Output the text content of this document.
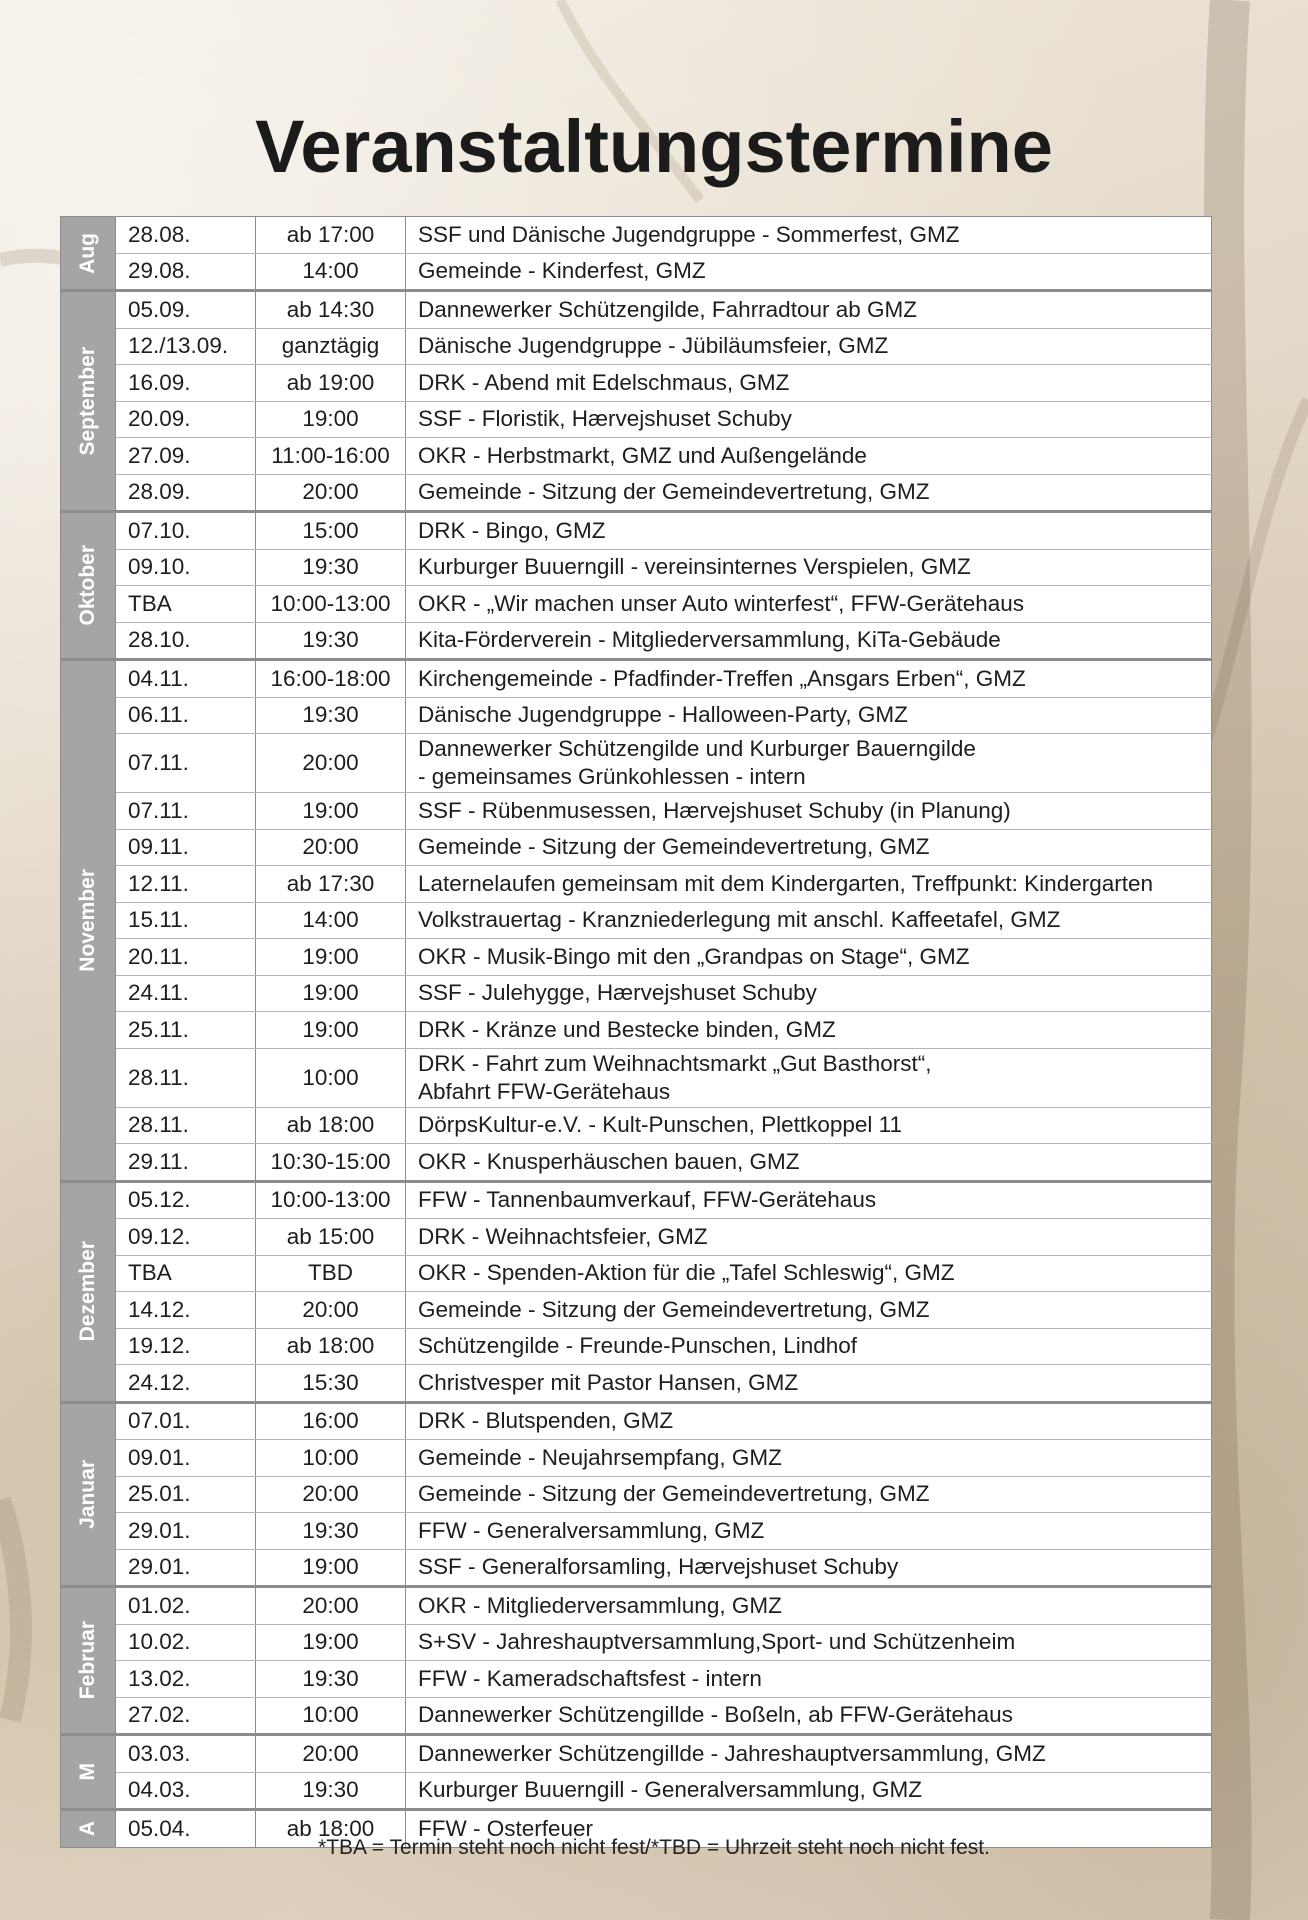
Veranstaltungstermine
Aug	28.08.	ab 17:00	SSF und Dänische Jugendgruppe - Sommerfest, GMZ
29.08.	14:00	Gemeinde - Kinderfest, GMZ
September
05.09.	ab 14:30	Dannewerker Schützengilde, Fahrradtour ab GMZ
12./13.09.	ganztägig	Dänische Jugendgruppe - Jübiläumsfeier, GMZ
16.09.	ab 19:00	DRK - Abend mit Edelschmaus, GMZ
20.09.	19:00	SSF - Floristik, Hærvejshuset Schuby
27.09.	11:00-16:00	OKR - Herbstmarkt, GMZ und Außengelände
28.09.	20:00	Gemeinde - Sitzung der Gemeindevertretung, GMZ
Oktober
07.10.	15:00	DRK - Bingo, GMZ
09.10.	19:30	Kurburger Buuerngill - vereinsinternes Verspielen, GMZ
TBA	10:00-13:00	OKR - „Wir machen unser Auto winterfest“, FFW-Gerätehaus
28.10.	19:30	Kita-Förderverein - Mitgliederversammlung, KiTa-Gebäude
November
04.11.	16:00-18:00	Kirchengemeinde - Pfadfinder-Treffen „Ansgars Erben“, GMZ
06.11.	19:30	Dänische Jugendgruppe - Halloween-Party, GMZ
07.11.	20:00
Dannewerker Schützengilde und Kurburger Bauerngilde
- gemeinsames Grünkohlessen - intern
07.11.	19:00	SSF - Rübenmusessen, Hærvejshuset Schuby (in Planung)
09.11.	20:00	Gemeinde - Sitzung der Gemeindevertretung, GMZ
12.11.	ab 17:30	Laternelaufen gemeinsam mit dem Kindergarten, Treffpunkt: Kindergarten
15.11.	14:00	Volkstrauertag - Kranzniederlegung mit anschl. Kaffeetafel, GMZ
20.11.	19:00	OKR - Musik-Bingo mit den „Grandpas on Stage“, GMZ
24.11.	19:00	SSF - Julehygge, Hærvejshuset Schuby
25.11.	19:00	DRK - Kränze und Bestecke binden, GMZ
28.11.	10:00
DRK - Fahrt zum Weihnachtsmarkt „Gut Basthorst“,
Abfahrt FFW-Gerätehaus
28.11.	ab 18:00	DörpsKultur-e.V. - Kult-Punschen, Plettkoppel 11
29.11.	10:30-15:00	OKR - Knusperhäuschen bauen, GMZ
Dezember
05.12.	10:00-13:00	FFW - Tannenbaumverkauf, FFW-Gerätehaus
09.12.	ab 15:00	DRK - Weihnachtsfeier, GMZ
TBA	TBD	OKR - Spenden-Aktion für die „Tafel Schleswig“, GMZ
14.12.	20:00	Gemeinde - Sitzung der Gemeindevertretung, GMZ
19.12.	ab 18:00	Schützengilde - Freunde-Punschen, Lindhof
24.12.	15:30	Christvesper mit Pastor Hansen, GMZ
Januar
07.01.	16:00	DRK - Blutspenden, GMZ
09.01.	10:00	Gemeinde - Neujahrsempfang, GMZ
25.01.	20:00	Gemeinde - Sitzung der Gemeindevertretung, GMZ
29.01.	19:30	FFW - Generalversammlung, GMZ
29.01.	19:00	SSF - Generalforsamling, Hærvejshuset Schuby
Februar
01.02.	20:00	OKR - Mitgliederversammlung, GMZ
10.02.	19:00	S+SV - Jahreshauptversammlung,Sport- und Schützenheim
13.02.	19:30	FFW - Kameradschaftsfest - intern
27.02.	10:00	Dannewerker Schützengillde - Boßeln, ab FFW-Gerätehaus
M
03.03.	20:00	Dannewerker Schützengillde - Jahreshauptversammlung, GMZ
04.03.	19:30	Kurburger Buuerngill - Generalversammlung, GMZ
A	05.04.	ab 18:00	FFW - Osterfeuer
*TBA = Termin steht noch nicht fest/*TBD = Uhrzeit steht noch nicht fest.
